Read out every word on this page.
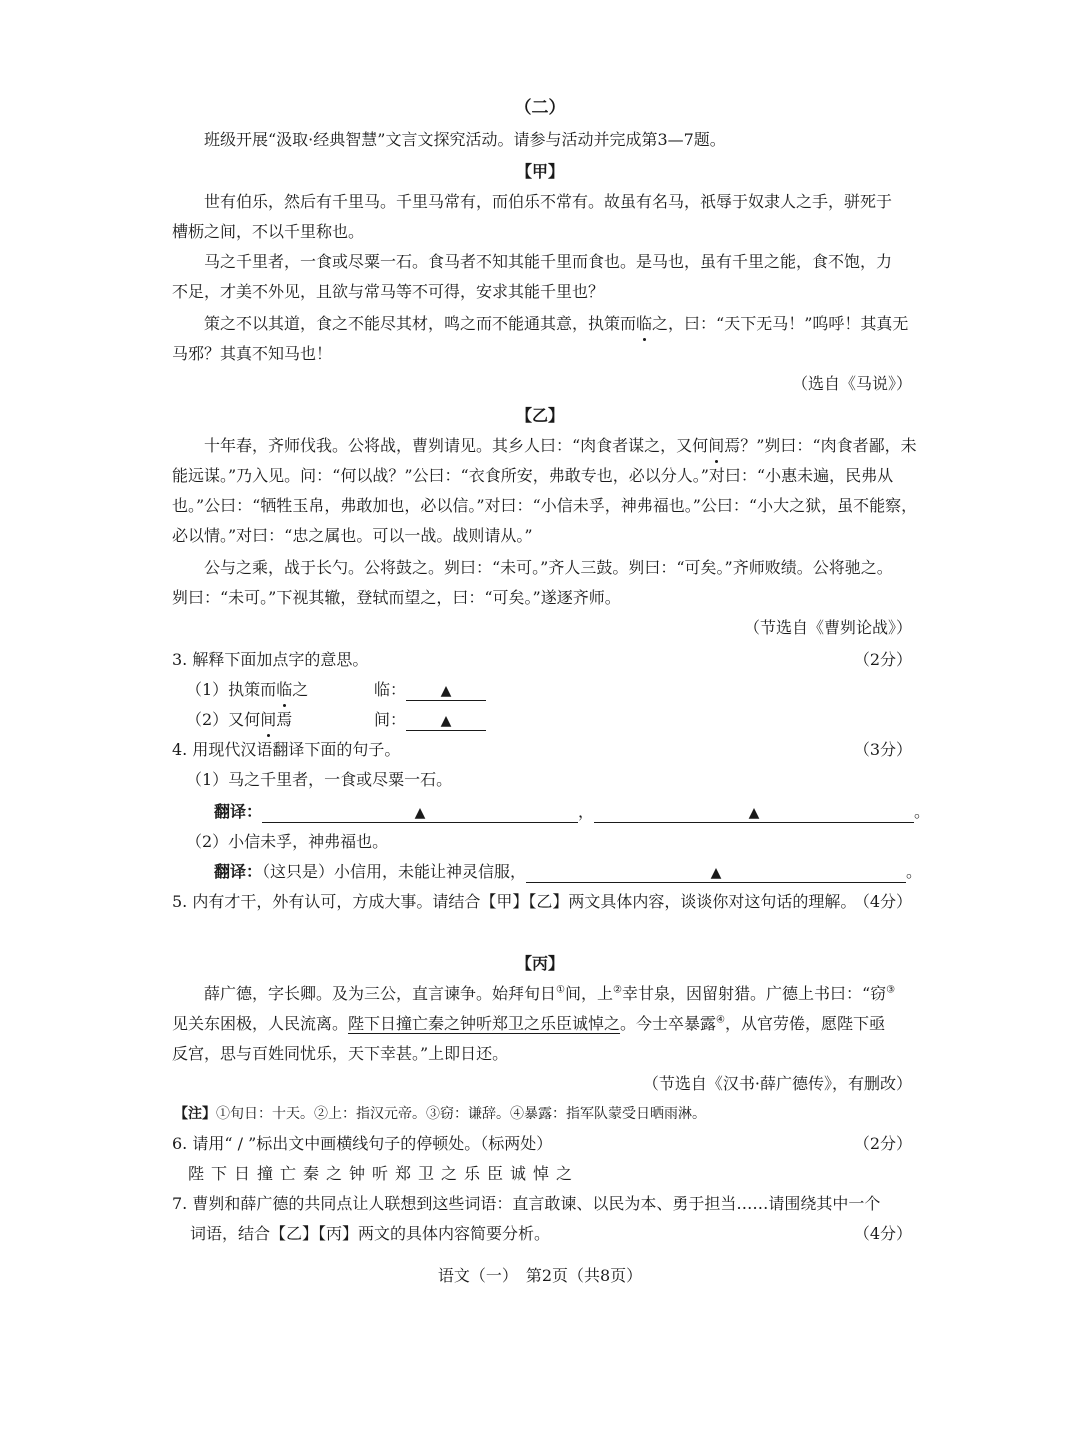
（二）
班级开展“汲取·经典智慧”文言文探究活动。请参与活动并完成第3—7题。
【甲】
世有伯乐，然后有千里马。千里马常有，而伯乐不常有。故虽有名马，祇辱于奴隶人之手，骈死于
槽枥之间，不以千里称也。
马之千里者，一食或尽粟一石。食马者不知其能千里而食也。是马也，虽有千里之能，食不饱，力
不足，才美不外见，且欲与常马等不可得，安求其能千里也？
策之不以其道，食之不能尽其材，鸣之而不能通其意，执策而临之，曰：“天下无马！”呜呼！其真无
马邪？其真不知马也！
（选自《马说》）
【乙】
十年春，齐师伐我。公将战，曹刿请见。其乡人曰：“肉食者谋之，又何间焉？”刿曰：“肉食者鄙，未
能远谋。”乃入见。问：“何以战？”公曰：“衣食所安，弗敢专也，必以分人。”对曰：“小惠未遍，民弗从
也。”公曰：“牺牲玉帛，弗敢加也，必以信。”对曰：“小信未孚，神弗福也。”公曰：“小大之狱，虽不能察，
必以情。”对曰：“忠之属也。可以一战。战则请从。”
公与之乘，战于长勺。公将鼓之。刿曰：“未可。”齐人三鼓。刿曰：“可矣。”齐师败绩。公将驰之。
刿曰：“未可。”下视其辙，登轼而望之，曰：“可矣。”遂逐齐师。
（节选自《曹刿论战》）
3. 解释下面加点字的意思。	（2分）
（1）执策而临之	临： ▲
（2）又何间焉	间： ▲
4. 用现代汉语翻译下面的句子。	（3分）
（1）马之千里者，一食或尽粟一石。
翻译：	▲	，	▲	。
（2）小信未孚，神弗福也。
翻译：（这只是）小信用，未能让神灵信服，	▲	。
5. 内有才干，外有认可，方成大事。请结合【甲】【乙】两文具体内容，谈谈你对这句话的理解。
（4分）
【丙】
薛广德，字长卿。及为三公，直言谏争。始拜旬日①间，上②幸甘泉，因留射猎。广德上书曰：“窃③
见关东困极，人民流离。陛下日撞亡秦之钟听郑卫之乐臣诚悼之。今士卒暴露④，从官劳倦，愿陛下亟
反宫，思与百姓同忧乐，天下幸甚。”上即日还。
（节选自《汉书·薛广德传》，有删改）
【注】①旬日：十天。②上：指汉元帝。③窃：谦辞。④暴露：指军队蒙受日晒雨淋。
6. 请用“ / ”标出文中画横线句子的停顿处。（标两处）	（2分）
陛下日撞亡秦之钟听郑卫之乐臣诚悼之
7. 曹刿和薛广德的共同点让人联想到这些词语：直言敢谏、以民为本、勇于担当……请围绕其中一个
词语，结合【乙】【丙】两文的具体内容简要分析。	（4分）
语文（一）　第2页（共8页）
